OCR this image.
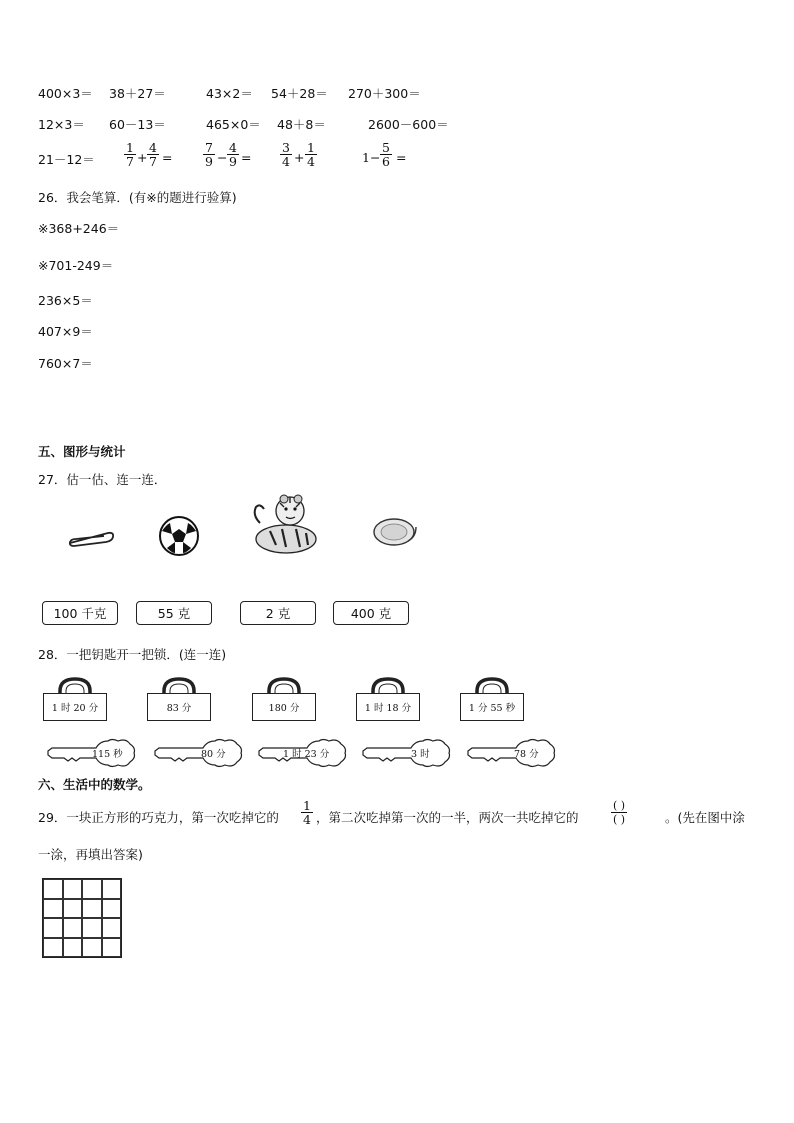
400×3＝ 38＋27＝	43×2＝ 54＋28＝ 270＋300＝
12×3＝ 60－13＝	465×0＝ 48＋8＝	2600－600＝
$21-12= \frac{1}{7} + \frac{4}{7} = \frac{7}{9} - \frac{4}{9} = \frac{3}{4} + \frac{1}{4}$	$1- \frac{5}{6}$ =
26．我会笔算．(有※的题进行验算)
※368+246＝
※701-249＝
236×5＝
407×9＝
760×7＝
五、图形与统计
27．估一估、连一连．
100 千克	55 克	2 克	400 克
28．一把钥匙开一把锁．(连一连)
1 时 20 分	83 分	180 分	1 时 18 分	1 分 55 秒
115 秒	80 分	1 时 23 分	3 时	78 分
六、生活中的数学。
29．一块正方形的巧克力，第一次吃掉它的 $\frac{1}{4}$ ，第二次吃掉第一次的一半，两次一共吃掉它的
( )
( )	。(先在图中涂
一涂，再填出答案)
